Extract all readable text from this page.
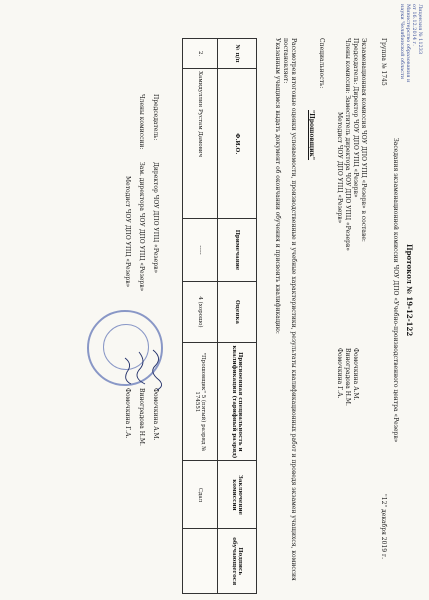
Лицензия № 11233
от 16.12.2014 г.
Министерство образования и
науки Челябинской области
Протокол № 19-12-122
Заседания экзаменационной комиссии ЧОУ ДПО «Учебно-производственного центра «Резерв»
"12" декабря 2019 г.
Группа № 1745
Экзаменационная комиссия ЧОУ ДПО УПЦ «Резерв» в составе:
Председатель: Директор ЧОУ ДПО УПЦ «Резерв»
Фомочкина А.М.
Члены комиссии: Заместитель директора ЧОУ ДПО УПЦ «Резерв»
Виноградова Н.М.
Методист ЧОУ ДПО УПЦ «Резерв»
Фомочкина Г.А.
Специальность:
"Прошовщик"
Рассмотрев итоговые оценки успеваемости, производственные и учебные характеристики, результаты квалификационных работ и проведя экзамен учащихся, комиссия постановляет:
Указанным учащимся выдать документ об окончании обучения и присвоить квалификацию:
№ п/п	Ф.И.О.	Примечание	Оценка	Присвоенная специальность и квалификация (тарифный разряд)	Заключение комиссии	Подпись обучающегося
2.	Хамидуллин Рустам Дамович	-----	4 (хорошо)	"Прошовщик" 5 (пятый) разряд № 174551	Сдал	
Председатель:
Директор ЧОУ ДПО УПЦ «Резерв»
Фомочкина А.М.
Члены комиссии:
Зам. директора ЧОУ ДПО УПЦ «Резерв»
Виноградова Н.М.
Методист ЧОУ ДПО УПЦ «Резерв»
Фомочкина Г.А.
